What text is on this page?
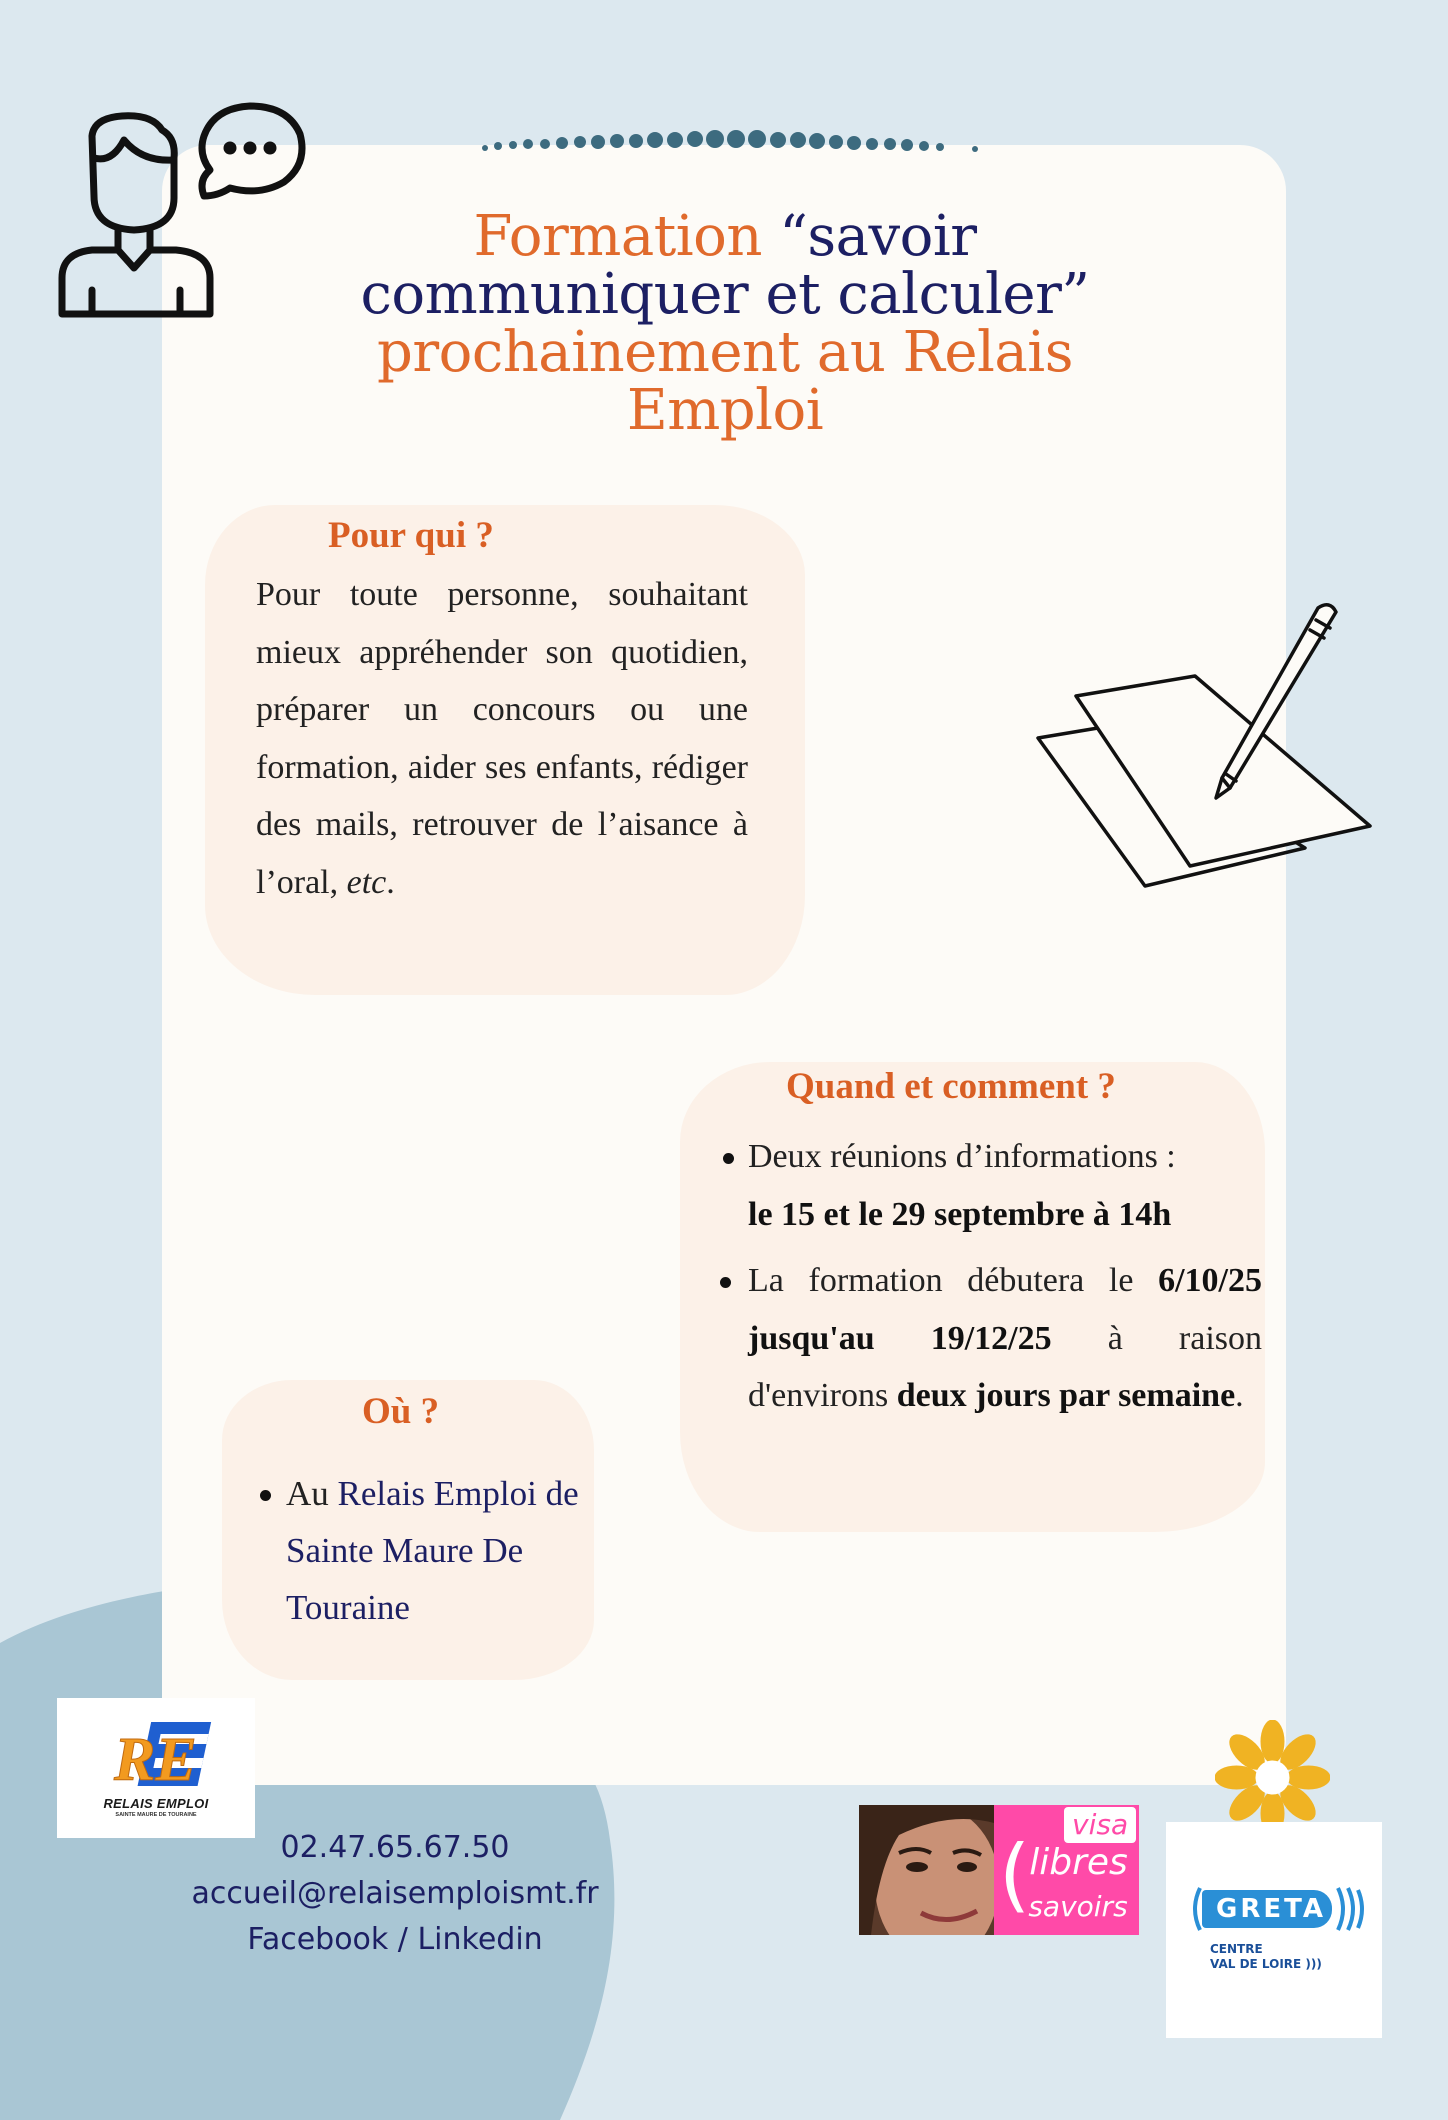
Formation “savoir communiquer et calculer” prochainement au Relais Emploi
Pour qui ?
Pour toute personne, souhaitant mieux appréhender son quotidien, préparer un concours ou une formation, aider ses enfants, rédiger des mails, retrouver de l’aisance à l’oral, etc.
Quand et comment ?
Deux réunions d’informations :
le 15 et le 29 septembre à 14h
La formation débutera le 6/10/25 jusqu'au 19/12/25 à raison d'environs deux jours par semaine.
Où ?
Au Relais Emploi de Sainte Maure De Touraine
RE
RELAIS EMPLOI
SAINTE MAURE DE TOURAINE
02.47.65.67.50
accueil@relaisemploismt.fr
Facebook / Linkedin
(
visa
libres
savoirs	GRETA
CENTRE
VAL DE LOIRE )))
